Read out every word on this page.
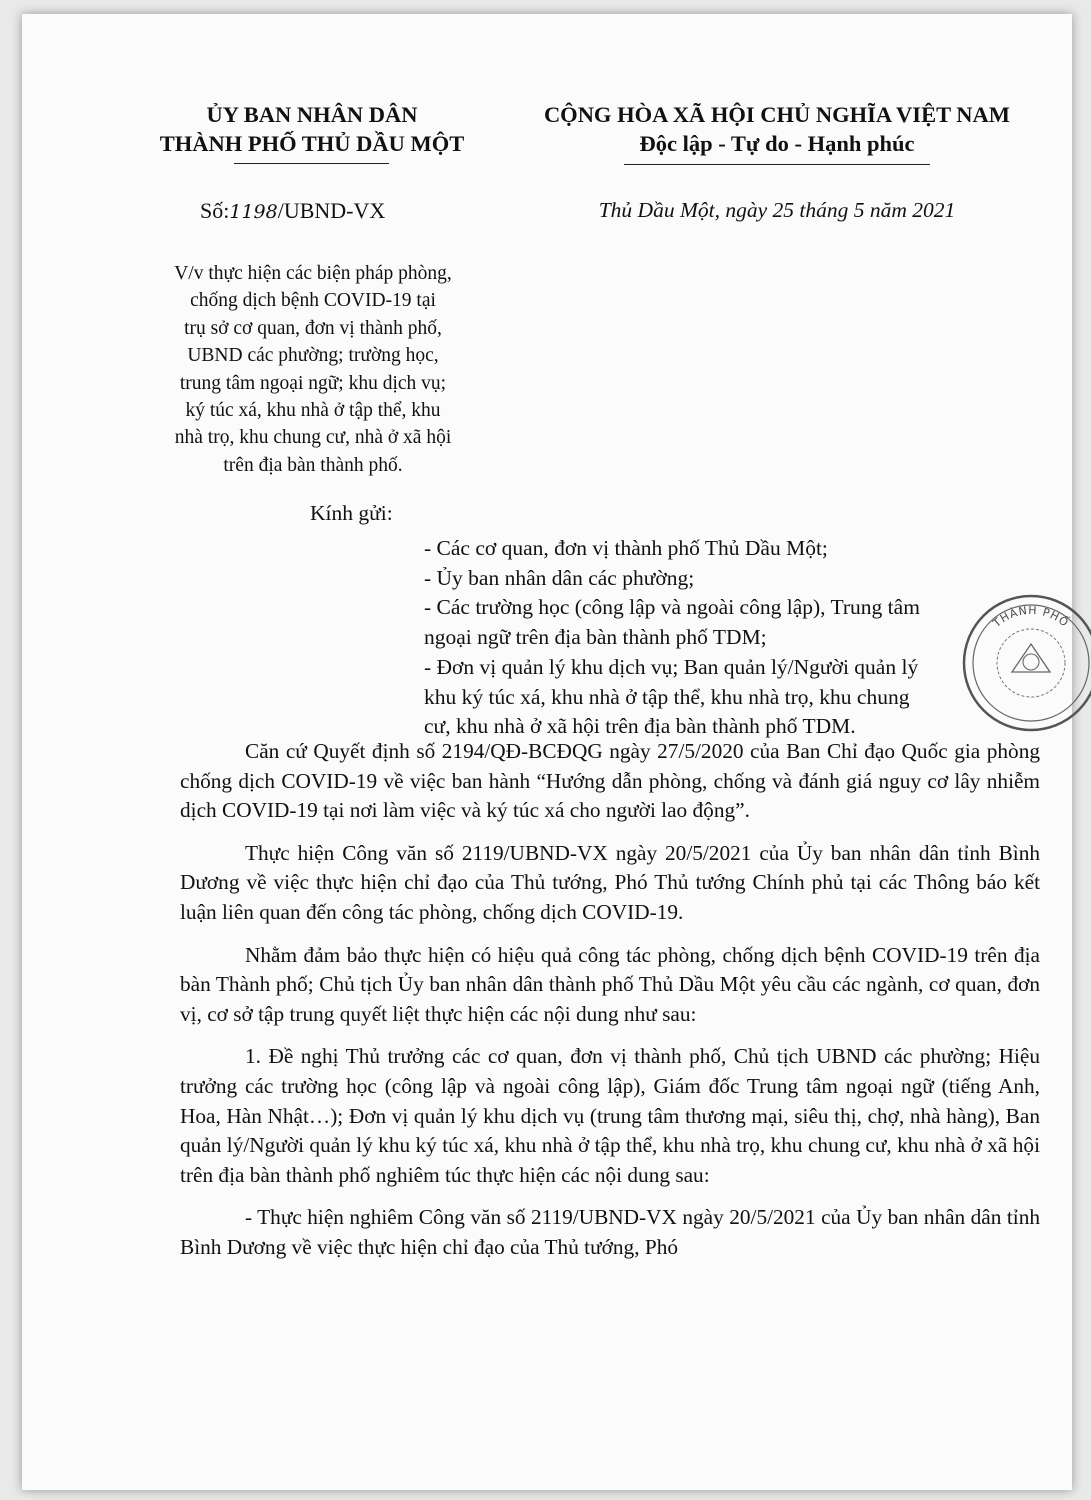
ỦY BAN NHÂN DÂN
THÀNH PHỐ THỦ DẦU MỘT
CỘNG HÒA XÃ HỘI CHỦ NGHĨA VIỆT NAM
Độc lập - Tự do - Hạnh phúc
Số:1198/UBND-VX	Thủ Dầu Một, ngày 25 tháng 5 năm 2021
V/v thực hiện các biện pháp phòng,
chống dịch bệnh COVID-19 tại
trụ sở cơ quan, đơn vị thành phố,
UBND các phường; trường học,
trung tâm ngoại ngữ; khu dịch vụ;
ký túc xá, khu nhà ở tập thể, khu
nhà trọ, khu chung cư, nhà ở xã hội
trên địa bàn thành phố.
Kính gửi:
- Các cơ quan, đơn vị thành phố Thủ Dầu Một;
- Ủy ban nhân dân các phường;
- Các trường học (công lập và ngoài công lập), Trung tâm
ngoại ngữ trên địa bàn thành phố TDM;
- Đơn vị quản lý khu dịch vụ; Ban quản lý/Người quản lý
khu ký túc xá, khu nhà ở tập thể, khu nhà trọ, khu chung
cư, khu nhà ở xã hội trên địa bàn thành phố TDM.
THÀNH PHỐ

Căn cứ Quyết định số 2194/QĐ-BCĐQG ngày 27/5/2020 của Ban Chỉ đạo Quốc gia phòng chống dịch COVID-19 về việc ban hành “Hướng dẫn phòng, chống và đánh giá nguy cơ lây nhiễm dịch COVID-19 tại nơi làm việc và ký túc xá cho người lao động”.

Thực hiện Công văn số 2119/UBND-VX ngày 20/5/2021 của Ủy ban nhân dân tỉnh Bình Dương về việc thực hiện chỉ đạo của Thủ tướng, Phó Thủ tướng Chính phủ tại các Thông báo kết luận liên quan đến công tác phòng, chống dịch COVID-19.

Nhằm đảm bảo thực hiện có hiệu quả công tác phòng, chống dịch bệnh COVID-19 trên địa bàn Thành phố; Chủ tịch Ủy ban nhân dân thành phố Thủ Dầu Một yêu cầu các ngành, cơ quan, đơn vị, cơ sở tập trung quyết liệt thực hiện các nội dung như sau:

1. Đề nghị Thủ trưởng các cơ quan, đơn vị thành phố, Chủ tịch UBND các phường; Hiệu trưởng các trường học (công lập và ngoài công lập), Giám đốc Trung tâm ngoại ngữ (tiếng Anh, Hoa, Hàn Nhật…); Đơn vị quản lý khu dịch vụ (trung tâm thương mại, siêu thị, chợ, nhà hàng), Ban quản lý/Người quản lý khu ký túc xá, khu nhà ở tập thể, khu nhà trọ, khu chung cư, khu nhà ở xã hội trên địa bàn thành phố nghiêm túc thực hiện các nội dung sau:

- Thực hiện nghiêm Công văn số 2119/UBND-VX ngày 20/5/2021 của Ủy ban nhân dân tỉnh Bình Dương về việc thực hiện chỉ đạo của Thủ tướng, Phó
